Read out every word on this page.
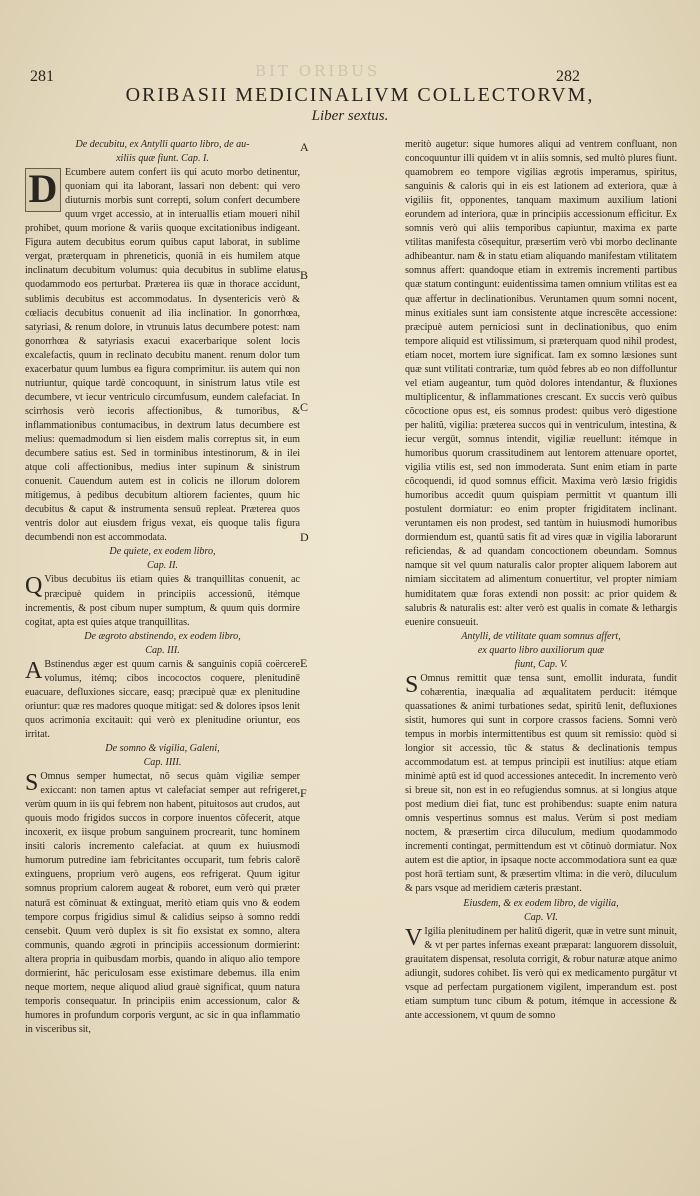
281	282
BIT ORIBUS
ORIBASII MEDICINALIVM COLLECTORVM,
Liber sextus.
A
B
C
D
E
F

De decubitu, ex Antylli quarto libro, de au-

xiliis quæ fiunt. Cap. I.

D Ecumbere autem confert iis qui acuto morbo detinentur, quoniam qui ita laborant, lassari non debent: qui vero diuturnis morbis sunt correpti, solum confert decumbere quum vrget accessio, at in interuallis etiam moueri nihil prohibet, quum morione & variis quoque excitationibus indigeant. Figura autem decubitus eorum quibus caput laborat, in sublime vergat, præterquam in phreneticis, quoniã in eis humilem atque inclinatum decubitum volumus: quia decubitus in sublime elatus quodammodo eos perturbat. Præterea iis quæ in thorace accidunt, sublimis decubitus est accommodatus. In dysentericis verò & cœliacis decubitus conuenit ad ilia inclinatior. In gonorrhœa, satyriasi, & renum dolore, in vtrunuis latus decumbere potest: nam gonorrhœa & satyriasis exacui exacerbarique solent locis excalefactis, quum in reclinato decubitu manent. renum dolor tum exacerbatur quum lumbus ea figura comprimitur. iis autem qui non nutriuntur, quique tardè concoquunt, in sinistrum latus vtile est decumbere, vt iecur ventriculo circumfusum, eundem calefaciat. In scirrhosis verò iecoris affectionibus, & tumoribus, & inflammationibus contumacibus, in dextrum latus decumbere est melius: quemadmodum si lien eisdem malis correptus sit, in eum decumbere satius est. Sed in torminibus intestinorum, & in ilei atque coli affectionibus, medius inter supinum & sinistrum conuenit. Cauendum autem est in colicis ne illorum dolorem mitigemus, à pedibus decubitum altiorem facientes, quum hic decubitus & caput & instrumenta sensuū repleat. Præterea quos ventris dolor aut eiusdem frigus vexat, eis quoque talis figura decumbendi non est accommodata.

De quiete, ex eodem libro,

Cap. II.

Q Vibus decubitus iis etiam quies & tranquillitas conuenit, ac præcipuè quidem in principiis accessionũ, itémque incrementis, & post cibum nuper sumptum, & quum quis dormire cogitat, apta est quies atque tranquillitas.

De ægroto abstinendo, ex eodem libro,

Cap. III.

A Bstinendus æger est quum carnis & sanguinis copiã coërcere volumus, itémq; cibos incococtos coquere, plenitudinē euacuare, defluxiones siccare, easq; præcipuè quæ ex plenitudine oriuntur: quæ res madores quoque mitigat: sed & dolores ipsos lenit quos acrimonia excitauit: qui verò ex plenitudine oriuntur, eos irritat.

De somno & vigilia, Galeni,

Cap. IIII.

S Omnus semper humectat, nõ secus quàm vigiliæ semper exiccant: non tamen aptus vt calefaciat semper aut refrigeret, verùm quum in iis qui febrem non habent, pituitosos aut crudos, aut quouis modo frigidos succos in corpore inuentos cõfecerit, atque incoxerit, ex iisque probum sanguinem procrearit, tunc hominem insiti caloris incremento calefaciat. at quum ex huiusmodi humorum putredine iam febricitantes occuparit, tum febris calorē extinguens, proprium verò augens, eos refrigerat. Quum igitur somnus proprium calorem augeat & roboret, eum verò qui præter naturā est cõminuat & extinguat, meritò etiam quis vno & eodem tempore corpus frigidius simul & calidius seipso à somno reddi censebit. Quum verò duplex is sit fio exsistat ex somno, altera communis, quando ægroti in principiis accessionum dormierint: altera propria in quibusdam morbis, quando in aliquo alio tempore dormierint, hāc periculosam esse existimare debemus. illa enim neque mortem, neque aliquod aliud grauè significat, quum natura temporis consequatur. In principiis enim accessionum, calor & humores in profundum corporis vergunt, ac sic in qua inflammatio in visceribus sit,

meritò augetur: sique humores aliqui ad ventrem confluant, non concoquuntur illi quidem vt in aliis somnis, sed multò plures fiunt. quamobrem eo tempore vigilias ægrotis imperamus, spiritus, sanguinis & caloris qui in eis est lationem ad exteriora, quæ à vigiliis fit, opponentes, tanquam maximum auxilium lationi eorundem ad interiora, quæ in principiis accessionum efficitur. Ex somnis verò qui aliis temporibus capiuntur, maxima ex parte vtilitas manifesta cõsequitur, præsertim verò vbi morbo declinante adhibeantur. nam & in statu etiam aliquando manifestam vtilitatem somnus affert: quandoque etiam in extremis incrementi partibus quæ statum contingunt: euidentissima tamen omnium vtilitas est ea quæ affertur in declinationibus. Veruntamen quum somni nocent, minus exitiales sunt iam consistente atque increscēte accessione: præcipuè autem perniciosi sunt in declinationibus, quo enim tempore aliquid est vtilissimum, si præterquam quod nihil prodest, etiam nocet, mortem iure significat. Iam ex somno læsiones sunt quæ sunt vtilitati contrariæ, tum quòd febres ab eo non diffolluntur vel etiam augeantur, tum quòd dolores intendantur, & fluxiones multiplicentur, & inflammationes crescant. Ex succis verò quibus cõcoctione opus est, eis somnus prodest: quibus verò digestione per halitũ, vigilia: præterea succos qui in ventriculum, intestina, & iecur vergūt, somnus intendit, vigiliæ reuellunt: itémque in humoribus quorum crassitudinem aut lentorem attenuare oportet, vigilia vtilis est, sed non immoderata. Sunt enim etiam in parte cõcoquendi, id quod somnus efficit. Maxima verò læsio frigidis humoribus accedit quum quispiam permittit vt quantum illi postulent dormiatur: eo enim propter frigiditatem inclinant. veruntamen eis non prodest, sed tantùm in huiusmodi humoribus dormiendum est, quantũ satis fit ad vires quæ in vigilia laborarunt reficiendas, & ad quandam concoctionem obeundam. Somnus namque sit vel quum naturalis calor propter aliquem laborem aut nimiam siccitatem ad alimentum conuertitur, vel propter nimiam humiditatem quæ foras extendi non possit: ac prior quidem & salubris & naturalis est: alter verò est qualis in comate & lethargis euenire consueuit.

Antylli, de vtilitate quam somnus affert,

ex quarto libro auxiliorum quæ

fiunt, Cap. V.

S Omnus remittit quæ tensa sunt, emollit indurata, fundit cohærentia, inæqualia ad æqualitatem perducit: itémque quassationes & animi turbationes sedat, spiritū lenit, defluxiones sistit, humores qui sunt in corpore crassos faciens. Somni verò tempus in morbis intermittentibus est quum sit remissio: quòd si longior sit accessio, tūc & status & declinationis tempus accommodatum est. at tempus principii est inutilius: atque etiam minimè aptū est id quod accessiones antecedit. In incremento verò si breue sit, non est in eo refugiendus somnus. at si longius atque post medium diei fiat, tunc est prohibendus: suapte enim natura omnis vespertinus somnus est malus. Verùm si post mediam noctem, & præsertim circa diluculum, medium quodammodo incrementi contingat, permittendum est vt cõtinuò dormiatur. Nox autem est die aptior, in ipsaque nocte accommodatiora sunt ea quæ post horā tertiam sunt, & præsertim vltima: in die verò, diluculum & pars vsque ad meridiem cæteris præstant.

Eiusdem, & ex eodem libro, de vigilia,

Cap. VI.

V Igilia plenitudinem per halitū digerit, quæ in vetre sunt minuit, & vt per partes infernas exeant præparat: languorem dissoluit, grauitatem dispensat, resoluta corrigit, & robur naturæ atque animo adiungit, sudores cohibet. Iis verò qui ex medicamento purgātur vt vsque ad perfectam purgationem vigilent, imperandum est. post etiam sumptum tunc cibum & potum, itémque in accessione & ante accessionem, vt quum de somno
